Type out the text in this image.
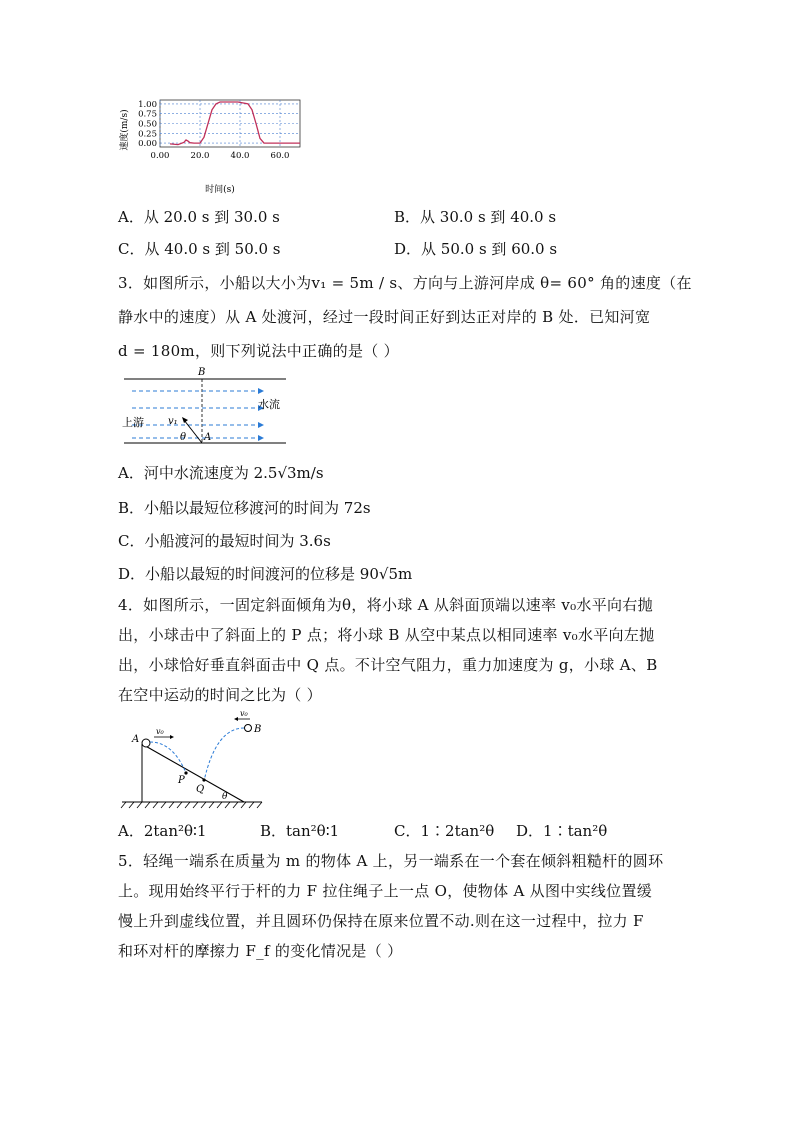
0.00 20.0 40.0 60.0
1.00
0.75
0.50
0.25
0.00
速度(m/s)
时间(s)
A．从 20.0 s 到 30.0 s	B．从 30.0 s 到 40.0 s
C．从 40.0 s 到 50.0 s	D．从 50.0 s 到 60.0 s
3．如图所示，小船以大小为v₁ = 5m / s、方向与上游河岸成 θ= 60° 角的速度（在
静水中的速度）从 A 处渡河，经过一段时间正好到达正对岸的 B 处．已知河宽
d = 180m，则下列说法中正确的是（ ）
B
A
水流
上游 v₁
θ
A．河中水流速度为 2.5√3m/s
B．小船以最短位移渡河的时间为 72s
C．小船渡河的最短时间为 3.6s
D．小船以最短的时间渡河的位移是 90√5m
4．如图所示，一固定斜面倾角为θ，将小球 A 从斜面顶端以速率 v₀水平向右抛
出，小球击中了斜面上的 P 点；将小球 B 从空中某点以相同速率 v₀水平向左抛
出，小球恰好垂直斜面击中 Q 点。不计空气阻力，重力加速度为 g，小球 A、B
在空中运动的时间之比为（ ）
A
B
v₀
v₀
P
Q
θ
A．2tan²θ∶1	B．tan²θ∶1	C．1∶2tan²θ D．1∶tan²θ
5．轻绳一端系在质量为 m 的物体 A 上，另一端系在一个套在倾斜粗糙杆的圆环
上。现用始终平行于杆的力 F 拉住绳子上一点 O，使物体 A 从图中实线位置缓
慢上升到虚线位置，并且圆环仍保持在原来位置不动.则在这一过程中，拉力 F
和环对杆的摩擦力 F_f 的变化情况是（ ）
